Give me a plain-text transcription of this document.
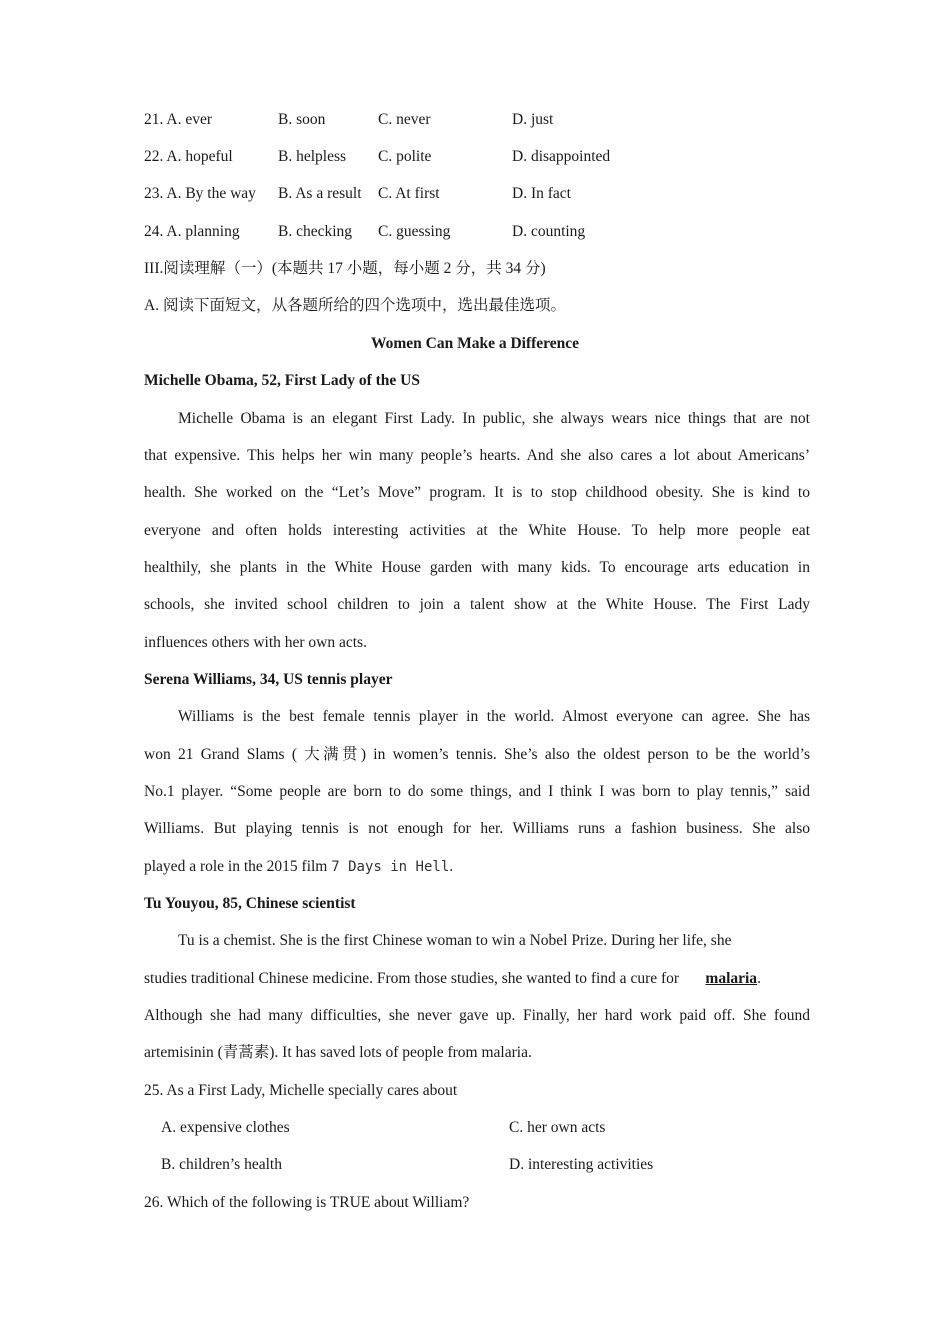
21. A. ever	B. soon	C. never	D. just
22. A. hopeful	B. helpless C. polite	D. disappointed
23. A. By the way B. As a result C. At first	D. In fact
24. A. planning B. checking C. guessing	D. counting
III.阅读理解（一）(本题共 17 小题，每小题 2 分，共 34 分)
A. 阅读下面短文，从各题所给的四个选项中，选出最佳选项。
Women Can Make a Difference
Michelle Obama, 52, First Lady of the US
Michelle Obama is an elegant First Lady. In public, she always wears nice things that are not
that expensive. This helps her win many people’s hearts. And she also cares a lot about Americans’
health. She worked on the “Let’s Move” program. It is to stop childhood obesity. She is kind to
everyone and often holds interesting activities at the White House. To help more people eat
healthily, she plants in the White House garden with many kids. To encourage arts education in
schools, she invited school children to join a talent show at the White House. The First Lady
influences others with her own acts.
Serena Williams, 34, US tennis player
Williams is the best female tennis player in the world. Almost everyone can agree. She has
won 21 Grand Slams ( 大满贯) in women’s tennis. She’s also the oldest person to be the world’s
No.1 player. “Some people are born to do some things, and I think I was born to play tennis,” said
Williams. But playing tennis is not enough for her. Williams runs a fashion business. She also
played a role in the 2015 film 7 Days in Hell.
Tu Youyou, 85, Chinese scientist
Tu is a chemist. She is the first Chinese woman to win a Nobel Prize. During her life, she
studies traditional Chinese medicine. From those studies, she wanted to find a cure for malaria.
Although she had many difficulties, she never gave up. Finally, her hard work paid off. She found
artemisinin (青蒿素). It has saved lots of people from malaria.
25. As a First Lady, Michelle specially cares about
A. expensive clothes	C. her own acts
B. children’s health	D. interesting activities
26. Which of the following is TRUE about William?
